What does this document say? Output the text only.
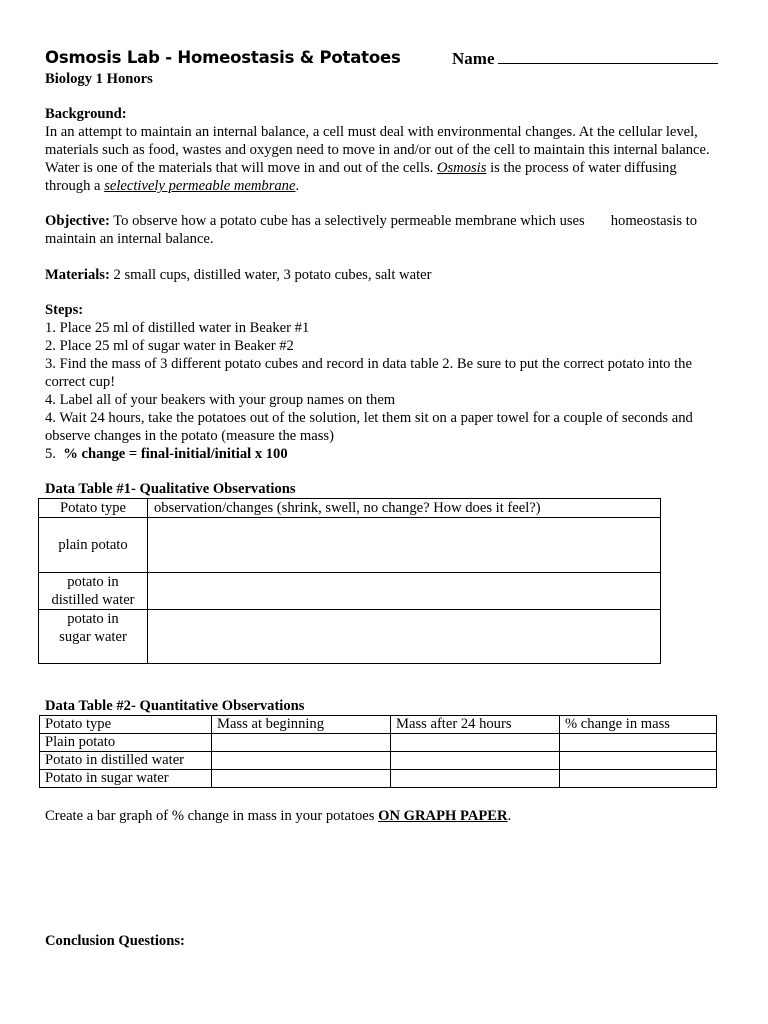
Osmosis Lab - Homeostasis & Potatoes	Name
Biology 1 Honors
Background:
In an attempt to maintain an internal balance, a cell must deal with environmental changes. At the cellular level, materials such as food, wastes and oxygen need to move in and/or out of the cell to maintain this internal balance. Water is one of the materials that will move in and out of the cells. Osmosis is the process of water diffusing through a selectively permeable membrane.
Objective: To observe how a potato cube has a selectively permeable membrane which uses homeostasis to maintain an internal balance.
Materials: 2 small cups, distilled water, 3 potato cubes, salt water
Steps:
1. Place 25 ml of distilled water in Beaker #1
2. Place 25 ml of sugar water in Beaker #2
3. Find the mass of 3 different potato cubes and record in data table 2. Be sure to put the correct potato into the correct cup!
4. Label all of your beakers with your group names on them
4. Wait 24 hours, take the potatoes out of the solution, let them sit on a paper towel for a couple of seconds and observe changes in the potato (measure the mass)
5. % change = final-initial/initial x 100
Data Table #1- Qualitative Observations
Potato type	observation/changes (shrink, swell, no change? How does it feel?)

plain potato	

potato in
distilled water	

potato in
sugar water	

Data Table #2- Quantitative Observations
Potato type	Mass at beginning	Mass after 24 hours	% change in mass
Plain potato			
Potato in distilled water			
Potato in sugar water			
Create a bar graph of % change in mass in your potatoes ON GRAPH PAPER.
Conclusion Questions:
